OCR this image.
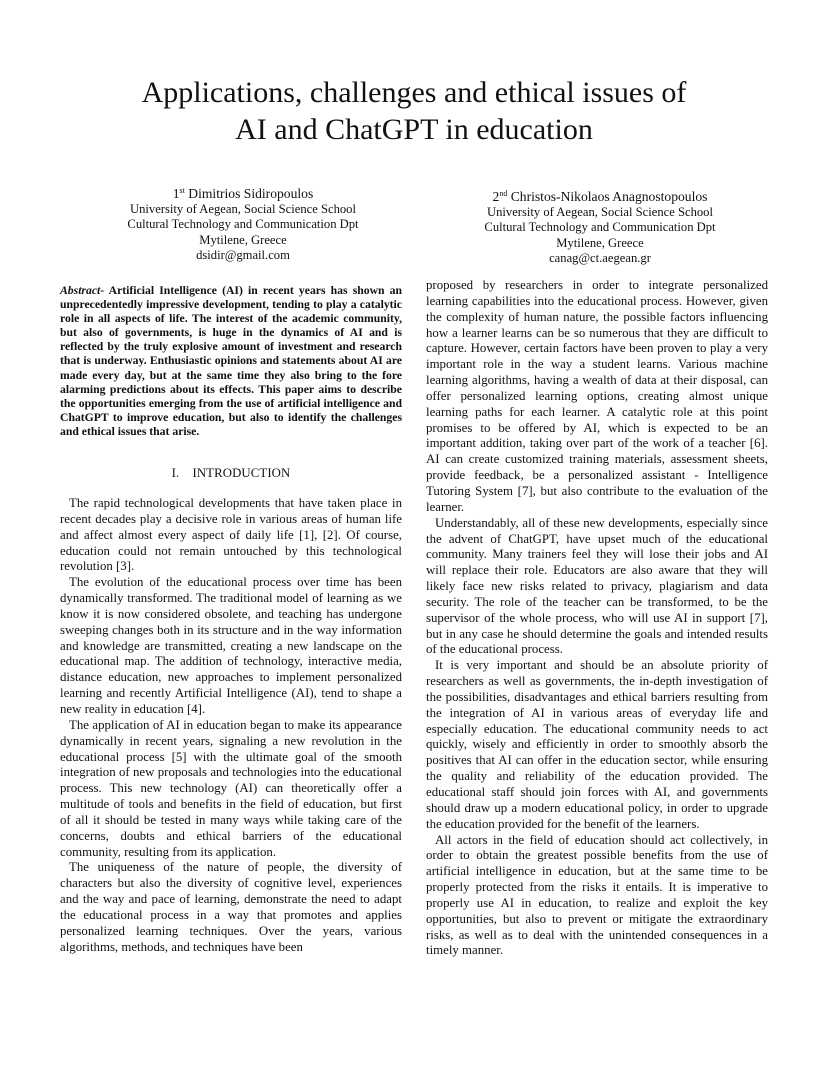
Applications, challenges and ethical issues of
AI and ChatGPT in education
1st Dimitrios Sidiropoulos
University of Aegean, Social Science School
Cultural Technology and Communication Dpt
Mytilene, Greece
dsidir@gmail.com
2nd Christos-Nikolaos Anagnostopoulos
University of Aegean, Social Science School
Cultural Technology and Communication Dpt
Mytilene, Greece
canag@ct.aegean.gr

Abstract- Artificial Intelligence (AI) in recent years has shown an unprecedentedly impressive development, tending to play a catalytic role in all aspects of life. The interest of the academic community, but also of governments, is huge in the dynamics of AI and is reflected by the truly explosive amount of investment and research that is underway. Enthusiastic opinions and statements about AI are made every day, but at the same time they also bring to the fore alarming predictions about its effects. This paper aims to describe the opportunities emerging from the use of artificial intelligence and ChatGPT to improve education, but also to identify the challenges and ethical issues that arise.

I. INTRODUCTION

The rapid technological developments that have taken place in recent decades play a decisive role in various areas of human life and affect almost every aspect of daily life [1], [2]. Of course, education could not remain untouched by this technological revolution [3].

The evolution of the educational process over time has been dynamically transformed. The traditional model of learning as we know it is now considered obsolete, and teaching has undergone sweeping changes both in its structure and in the way information and knowledge are transmitted, creating a new landscape on the educational map. The addition of technology, interactive media, distance education, new approaches to implement personalized learning and recently Artificial Intelligence (AI), tend to shape a new reality in education [4].

The application of AI in education began to make its appearance dynamically in recent years, signaling a new revolution in the educational process [5] with the ultimate goal of the smooth integration of new proposals and technologies into the educational process. This new technology (AI) can theoretically offer a multitude of tools and benefits in the field of education, but first of all it should be tested in many ways while taking care of the concerns, doubts and ethical barriers of the educational community, resulting from its application.

The uniqueness of the nature of people, the diversity of characters but also the diversity of cognitive level, experiences and the way and pace of learning, demonstrate the need to adapt the educational process in a way that promotes and applies personalized learning techniques. Over the years, various algorithms, methods, and techniques have been

proposed by researchers in order to integrate personalized learning capabilities into the educational process. However, given the complexity of human nature, the possible factors influencing how a learner learns can be so numerous that they are difficult to capture. However, certain factors have been proven to play a very important role in the way a student learns. Various machine learning algorithms, having a wealth of data at their disposal, can offer personalized learning options, creating almost unique learning paths for each learner. A catalytic role at this point promises to be offered by AI, which is expected to be an important addition, taking over part of the work of a teacher [6]. AI can create customized training materials, assessment sheets, provide feedback, be a personalized assistant - Intelligence Tutoring System [7], but also contribute to the evaluation of the learner.

Understandably, all of these new developments, especially since the advent of ChatGPT, have upset much of the educational community. Many trainers feel they will lose their jobs and AI will replace their role. Educators are also aware that they will likely face new risks related to privacy, plagiarism and data security. The role of the teacher can be transformed, to be the supervisor of the whole process, who will use AI in support [7], but in any case he should determine the goals and intended results of the educational process.

It is very important and should be an absolute priority of researchers as well as governments, the in-depth investigation of the possibilities, disadvantages and ethical barriers resulting from the integration of AI in various areas of everyday life and especially education. The educational community needs to act quickly, wisely and efficiently in order to smoothly absorb the positives that AI can offer in the education sector, while ensuring the quality and reliability of the education provided. The educational staff should join forces with AI, and governments should draw up a modern educational policy, in order to upgrade the education provided for the benefit of the learners.

All actors in the field of education should act collectively, in order to obtain the greatest possible benefits from the use of artificial intelligence in education, but at the same time to be properly protected from the risks it entails. It is imperative to properly use AI in education, to realize and exploit the key opportunities, but also to prevent or mitigate the extraordinary risks, as well as to deal with the unintended consequences in a timely manner.
